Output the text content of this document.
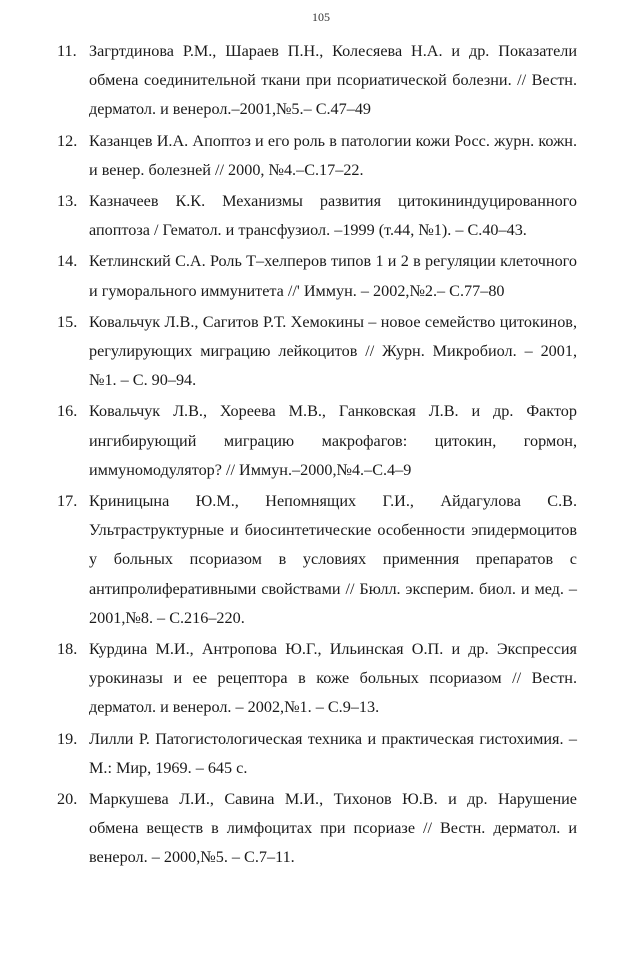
105
11. Загртдинова Р.М., Шараев П.Н., Колесяева Н.А. и др. Показатели обмена соединительной ткани при псориатической болезни. // Вестн. дерматол. и венерол.–2001,№5.– С.47–49
12. Казанцев И.А. Апоптоз и его роль в патологии кожи Росс. журн. кожн. и венер. болезней // 2000, №4.–С.17–22.
13. Казначеев К.К. Механизмы развития цитокининдуцированного апоптоза / Гематол. и трансфузиол. –1999 (т.44, №1). – С.40–43.
14. Кетлинский С.А. Роль Т–хелперов типов 1 и 2 в регуляции клеточного и гуморального иммунитета //' Иммун. – 2002,№2.– С.77–80
15. Ковальчук Л.В., Сагитов Р.Т. Хемокины – новое семейство цитокинов, регулирующих миграцию лейкоцитов // Журн. Микробиол. – 2001, №1. – С. 90–94.
16. Ковальчук Л.В., Хореева М.В., Ганковская Л.В. и др. Фактор ингибирующий миграцию макрофагов: цитокин, гормон, иммуномодулятор? // Иммун.–2000,№4.–С.4–9
17. Криницына Ю.М., Непомнящих Г.И., Айдагулова С.В. Ультраструктурные и биосинтетические особенности эпидермоцитов у больных псориазом в условиях применния препаратов с антипролиферативными свойствами // Бюлл. эксперим. биол. и мед. – 2001,№8. – С.216–220.
18. Курдина М.И., Антропова Ю.Г., Ильинская О.П. и др. Экспрессия урокиназы и ее рецептора в коже больных псориазом // Вестн. дерматол. и венерол. – 2002,№1. – С.9–13.
19. Лилли Р. Патогистологическая техника и практическая гистохимия. – М.: Мир, 1969. – 645 с.
20. Маркушева Л.И., Савина М.И., Тихонов Ю.В. и др. Нарушение обмена веществ в лимфоцитах при псориазе // Вестн. дерматол. и венерол. – 2000,№5. – С.7–11.
